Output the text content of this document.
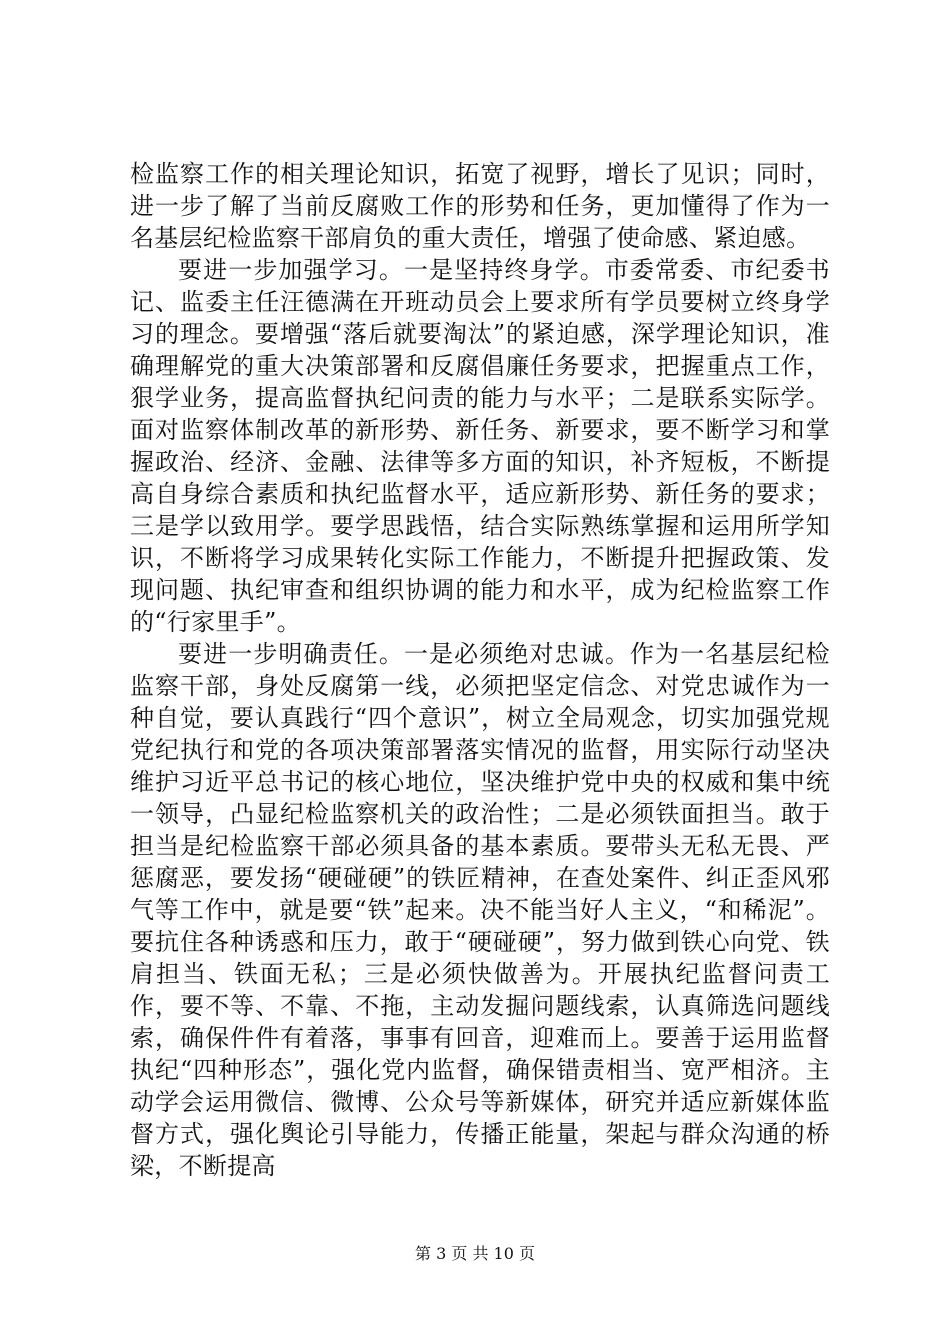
检监察工作的相关理论知识，拓宽了视野，增长了见识；同时，进一步了解了当前反腐败工作的形势和任务，更加懂得了作为一名基层纪检监察干部肩负的重大责任，增强了使命感、紧迫感。

要进一步加强学习。一是坚持终身学。市委常委、市纪委书记、监委主任汪德满在开班动员会上要求所有学员要树立终身学习的理念。要增强“落后就要淘汰”的紧迫感，深学理论知识，准确理解党的重大决策部署和反腐倡廉任务要求，把握重点工作，狠学业务，提高监督执纪问责的能力与水平；二是联系实际学。面对监察体制改革的新形势、新任务、新要求，要不断学习和掌握政治、经济、金融、法律等多方面的知识，补齐短板，不断提高自身综合素质和执纪监督水平，适应新形势、新任务的要求；三是学以致用学。要学思践悟，结合实际熟练掌握和运用所学知识，不断将学习成果转化实际工作能力，不断提升把握政策、发现问题、执纪审查和组织协调的能力和水平，成为纪检监察工作的“行家里手”。

要进一步明确责任。一是必须绝对忠诚。作为一名基层纪检监察干部，身处反腐第一线，必须把坚定信念、对党忠诚作为一种自觉，要认真践行“四个意识”，树立全局观念，切实加强党规党纪执行和党的各项决策部署落实情况的监督，用实际行动坚决维护习近平总书记的核心地位，坚决维护党中央的权威和集中统一领导，凸显纪检监察机关的政治性；二是必须铁面担当。敢于担当是纪检监察干部必须具备的基本素质。要带头无私无畏、严惩腐恶，要发扬“硬碰硬”的铁匠精神，在查处案件、纠正歪风邪气等工作中，就是要“铁”起来。决不能当好人主义，“和稀泥”。要抗住各种诱惑和压力，敢于“硬碰硬”，努力做到铁心向党、铁肩担当、铁面无私；三是必须快做善为。开展执纪监督问责工作，要不等、不靠、不拖，主动发掘问题线索，认真筛选问题线索，确保件件有着落，事事有回音，迎难而上。要善于运用监督执纪“四种形态”，强化党内监督，确保错责相当、宽严相济。主动学会运用微信、微博、公众号等新媒体，研究并适应新媒体监督方式，强化舆论引导能力，传播正能量，架起与群众沟通的桥梁，不断提高

第 3 页 共 10 页
